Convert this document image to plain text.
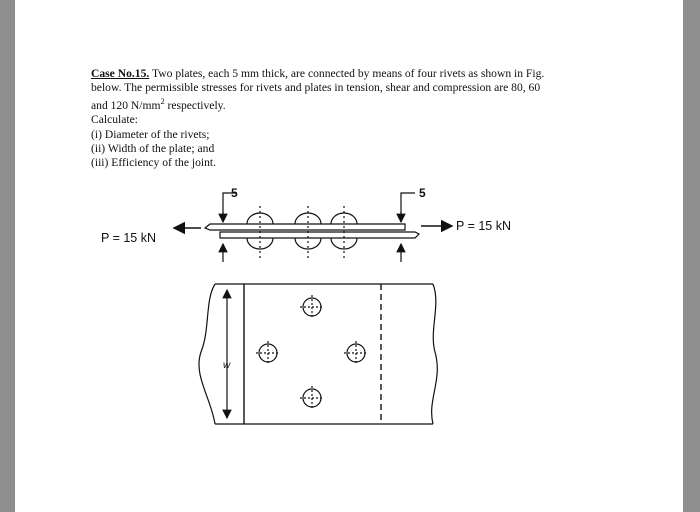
Case No.15. Two plates, each 5 mm thick, are connected by means of four rivets as shown in Fig.
below. The permissible stresses for rivets and plates in tension, shear and compression are 80, 60
and 120 $N/mm^2$ respectively.
Calculate:
(i) Diameter of the rivets;
(ii) Width of the plate; and
(iii) Efficiency of the joint.
5	5
P = 15 kN
P = 15 kN
w
